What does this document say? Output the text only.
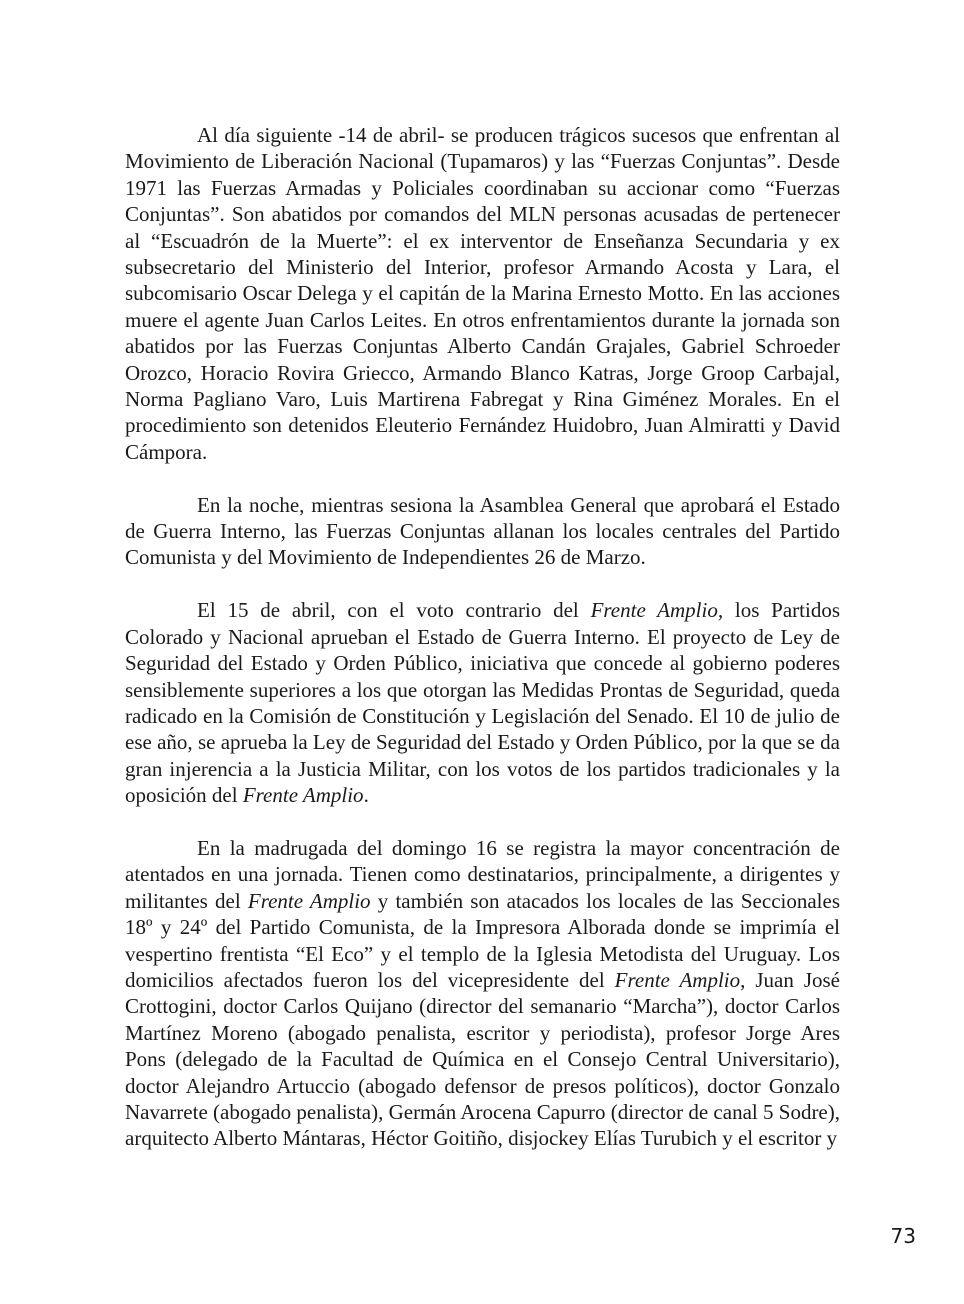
Al día siguiente -14 de abril- se producen trágicos sucesos que enfrentan al Movimiento de Liberación Nacional (Tupamaros) y las “Fuerzas Conjuntas”. Desde 1971 las Fuerzas Armadas y Policiales coordinaban su accionar como “Fuerzas Conjuntas”. Son abatidos por comandos del MLN personas acusadas de pertenecer al “Escuadrón de la Muerte”: el ex interventor de Enseñanza Secundaria y ex subsecretario del Ministerio del Interior, profesor Armando Acosta y Lara, el subcomisario Oscar Delega y el capitán de la Marina Ernesto Motto. En las acciones muere el agente Juan Carlos Leites. En otros enfrentamientos durante la jornada son abatidos por las Fuerzas Conjuntas Alberto Candán Grajales, Gabriel Schroeder Orozco, Horacio Rovira Griecco, Armando Blanco Katras, Jorge Groop Carbajal, Norma Pagliano Varo, Luis Martirena Fabregat y Rina Giménez Morales. En el procedimiento son detenidos Eleuterio Fernández Huidobro, Juan Almiratti y David Cámpora.

En la noche, mientras sesiona la Asamblea General que aprobará el Estado de Guerra Interno, las Fuerzas Conjuntas allanan los locales centrales del Partido Comunista y del Movimiento de Independientes 26 de Marzo.

El 15 de abril, con el voto contrario del Frente Amplio, los Partidos Colorado y Nacional aprueban el Estado de Guerra Interno. El proyecto de Ley de Seguridad del Estado y Orden Público, iniciativa que concede al gobierno poderes sensiblemente superiores a los que otorgan las Medidas Prontas de Seguridad, queda radicado en la Comisión de Constitución y Legislación del Senado. El 10 de julio de ese año, se aprueba la Ley de Seguridad del Estado y Orden Público, por la que se da gran injerencia a la Justicia Militar, con los votos de los partidos tradicionales y la oposición del Frente Amplio.

En la madrugada del domingo 16 se registra la mayor concentración de atentados en una jornada. Tienen como destinatarios, principalmente, a dirigentes y militantes del Frente Amplio y también son atacados los locales de las Seccionales 18º y 24º del Partido Comunista, de la Impresora Alborada donde se imprimía el vespertino frentista “El Eco” y el templo de la Iglesia Metodista del Uruguay. Los domicilios afectados fueron los del vicepresidente del Frente Amplio, Juan José Crottogini, doctor Carlos Quijano (director del semanario “Marcha”), doctor Carlos Martínez Moreno (abogado penalista, escritor y periodista), profesor Jorge Ares Pons (delegado de la Facultad de Química en el Consejo Central Universitario), doctor Alejandro Artuccio (abogado defensor de presos políticos), doctor Gonzalo Navarrete (abogado penalista), Germán Arocena Capurro (director de canal 5 Sodre), arquitecto Alberto Mántaras, Héctor Goitiño, disjockey Elías Turubich y el escritor y

73
